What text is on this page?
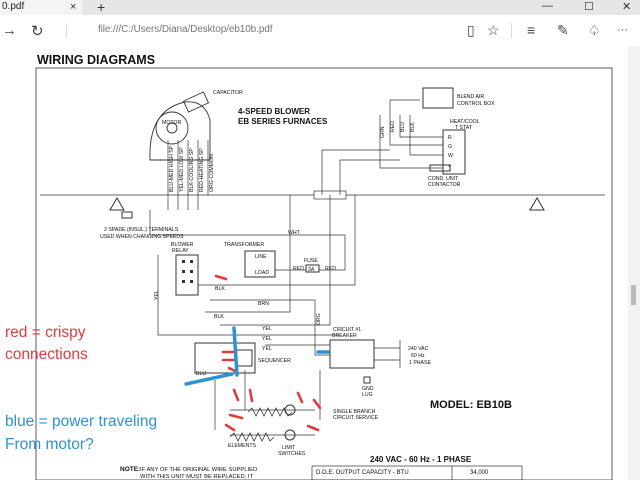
0.pdf	× +	—	☐	✕
→ ↻	file:///C:/Users/Diana/Desktop/eb10b.pdf	▯ ☆ ≡ ✎ ♤ ···
WIRING DIAGRAMS
MOTOR
CAPACITOR
4-SPEED BLOWER
EB SERIES FURNACES
BLU-MED HIGH SP YEL-MED LOW SP BLK-COOLING SP RED-HEATING SP ORG-COMMON
BLEND AIR
CONTROL BOX
HEAT/COOL
T STAT
R
G
W
Y
GRN RED BLU BLK
COND. UNIT
CONTACTOR
2 SPADE (INSUL.) TERMINALS
USED WHEN CHANGING SPEEDS
BLOWER
RELAY
TRANSFORMER
LINE
LOAD
FUSE
3A
RED	RED
WHT
BLK
BRN
BLK
YEL
YEL
YEL
YEL
ORG
BLU
SEQUENCER
CIRCUIT #1
BREAKER
240 VAC
60 Hz
1 PHASE
GND
LUG
SINGLE BRANCH
CIRCUIT SERVICE
ELEMENTS	LIMIT
SWITCHES
MODEL: EB10B
240 VAC - 60 Hz - 1 PHASE
D.O.E. OUTPUT CAPACITY - BTU	34,000
NOTE: IF ANY OF THE ORIGINAL WIRE SUPPLIED
WITH THIS UNIT MUST BE REPLACED, IT
red = crispy
connections
blue = power traveling
From motor?
